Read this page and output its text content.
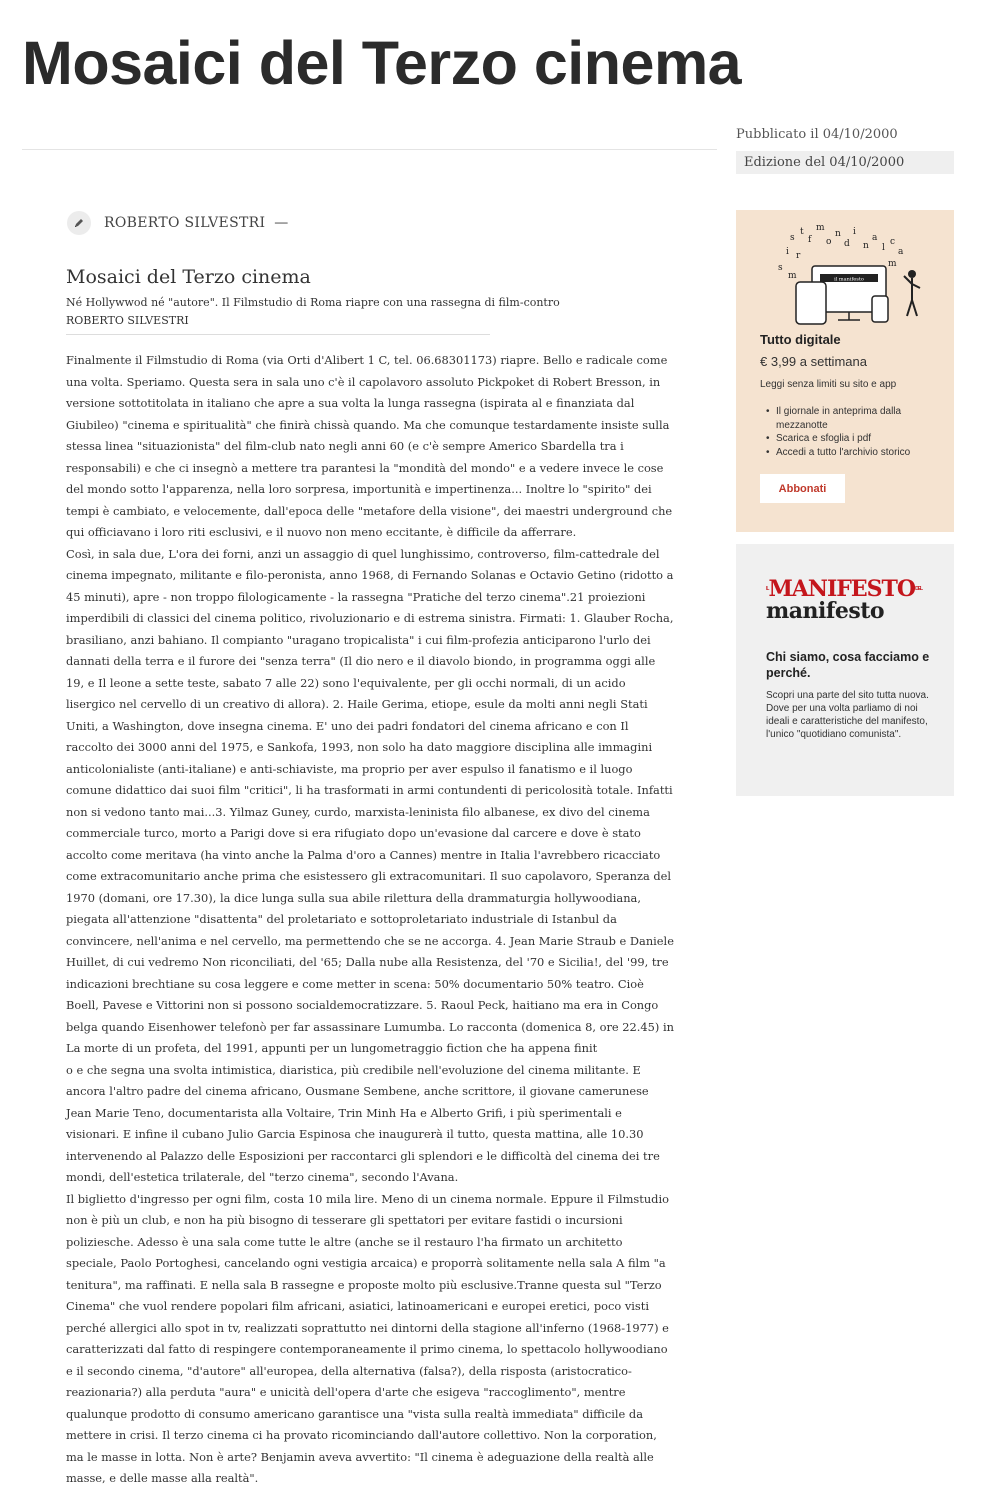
Mosaici del Terzo cinema
Pubblicato il 04/10/2000
Edizione del 04/10/2000
ROBERTO SILVESTRI —
Mosaici del Terzo cinema
Né Hollywwod né "autore". Il Filmstudio di Roma riapre con una rassegna di film-contro
ROBERTO SILVESTRI

Finalmente il Filmstudio di Roma (via Orti d'Alibert 1 C, tel. 06.68301173) riapre. Bello e radicale come una volta. Speriamo. Questa sera in sala uno c'è il capolavoro assoluto Pickpoket di Robert Bresson, in versione sottotitolata in italiano che apre a sua volta la lunga rassegna (ispirata al e finanziata dal Giubileo) "cinema e spiritualità" che finirà chissà quando. Ma che comunque testardamente insiste sulla stessa linea "situazionista" del film-club nato negli anni 60 (e c'è sempre Americo Sbardella tra i responsabili) e che ci insegnò a mettere tra parantesi la "mondità del mondo" e a vedere invece le cose del mondo sotto l'apparenza, nella loro sorpresa, importunità e impertinenza... Inoltre lo "spirito" dei tempi è cambiato, e velocemente, dall'epoca delle "metafore della visione", dei maestri underground che qui officiavano i loro riti esclusivi, e il nuovo non meno eccitante, è difficile da afferrare.

Così, in sala due, L'ora dei forni, anzi un assaggio di quel lunghissimo, controverso, film-cattedrale del cinema impegnato, militante e filo-peronista, anno 1968, di Fernando Solanas e Octavio Getino (ridotto a 45 minuti), apre - non troppo filologicamente - la rassegna "Pratiche del terzo cinema".21 proiezioni imperdibili di classici del cinema politico, rivoluzionario e di estrema sinistra. Firmati: 1. Glauber Rocha, brasiliano, anzi bahiano. Il compianto "uragano tropicalista" i cui film-profezia anticiparono l'urlo dei dannati della terra e il furore dei "senza terra" (Il dio nero e il diavolo biondo, in programma oggi alle 19, e Il leone a sette teste, sabato 7 alle 22) sono l'equivalente, per gli occhi normali, di un acido lisergico nel cervello di un creativo di allora). 2. Haile Gerima, etiope, esule da molti anni negli Stati Uniti, a Washington, dove insegna cinema. E' uno dei padri fondatori del cinema africano e con Il raccolto dei 3000 anni del 1975, e Sankofa, 1993, non solo ha dato maggiore disciplina alle immagini anticolonialiste (anti-italiane) e anti-schiaviste, ma proprio per aver espulso il fanatismo e il luogo comune didattico dai suoi film "critici", li ha trasformati in armi contundenti di pericolosità totale. Infatti non si vedono tanto mai...3. Yilmaz Guney, curdo, marxista-leninista filo albanese, ex divo del cinema commerciale turco, morto a Parigi dove si era rifugiato dopo un'evasione dal carcere e dove è stato accolto come meritava (ha vinto anche la Palma d'oro a Cannes) mentre in Italia l'avrebbero ricacciato come extracomunitario anche prima che esistessero gli extracomunitari. Il suo capolavoro, Speranza del 1970 (domani, ore 17.30), la dice lunga sulla sua abile rilettura della drammaturgia hollywoodiana, piegata all'attenzione "disattenta" del proletariato e sottoproletariato industriale di Istanbul da convincere, nell'anima e nel cervello, ma permettendo che se ne accorga. 4. Jean Marie Straub e Daniele Huillet, di cui vedremo Non riconciliati, del '65; Dalla nube alla Resistenza, del '70 e Sicilia!, del '99, tre indicazioni brechtiane su cosa leggere e come metter in scena: 50% documentario 50% teatro. Cioè Boell, Pavese e Vittorini non si possono socialdemocratizzare. 5. Raoul Peck, haitiano ma era in Congo belga quando Eisenhower telefonò per far assassinare Lumumba. Lo racconta (domenica 8, ore 22.45) in La morte di un profeta, del 1991, appunti per un lungometraggio fiction che ha appena finit

o e che segna una svolta intimistica, diaristica, più credibile nell'evoluzione del cinema militante. E ancora l'altro padre del cinema africano, Ousmane Sembene, anche scrittore, il giovane camerunese Jean Marie Teno, documentarista alla Voltaire, Trin Minh Ha e Alberto Grifi, i più sperimentali e visionari. E infine il cubano Julio Garcia Espinosa che inaugurerà il tutto, questa mattina, alle 10.30 intervenendo al Palazzo delle Esposizioni per raccontarci gli splendori e le difficoltà del cinema dei tre mondi, dell'estetica trilaterale, del "terzo cinema", secondo l'Avana.

Il biglietto d'ingresso per ogni film, costa 10 mila lire. Meno di un cinema normale. Eppure il Filmstudio non è più un club, e non ha più bisogno di tesserare gli spettatori per evitare fastidi o incursioni poliziesche. Adesso è una sala come tutte le altre (anche se il restauro l'ha firmato un architetto speciale, Paolo Portoghesi, cancelando ogni vestigia arcaica) e proporrà solitamente nella sala A film "a tenitura", ma raffinati. E nella sala B rassegne e proposte molto più esclusive.Tranne questa sul "Terzo Cinema" che vuol rendere popolari film africani, asiatici, latinoamericani e europei eretici, poco visti perché allergici allo spot in tv, realizzati soprattutto nei dintorni della stagione all'inferno (1968-1977) e caratterizzati dal fatto di respingere contemporaneamente il primo cinema, lo spettacolo hollywoodiano e il secondo cinema, "d'autore" all'europea, della alternativa (falsa?), della risposta (aristocratico-reazionaria?) alla perduta "aura" e unicità dell'opera d'arte che esigeva "raccoglimento", mentre qualunque prodotto di consumo americano garantisce una "vista sulla realtà immediata" difficile da mettere in crisi. Il terzo cinema ci ha provato ricominciando dall'autore collettivo. Non la corporation, ma le masse in lotta. Non è arte? Benjamin aveva avvertito: "Il cinema è adeguazione della realtà alle masse, e delle masse alla realtà".

s
t
f
m
o
n
d
i
n
a
l
c
a
i r
s
m
m
il manifesto
Tutto digitale
€ 3,99 a settimana
Leggi senza limiti su sito e app
• Il giornale in anteprima dalla mezzanotte
• Scarica e sfoglia i pdf
• Accedi a tutto l'archivio storico
Abbonati
$^{IL}MANIFESTO^{DEL}$
manifesto
Chi siamo, cosa facciamo e perché.
Scopri una parte del sito tutta nuova. Dove per una volta parliamo di noi ideali e caratteristiche del manifesto, l'unico "quotidiano comunista".
